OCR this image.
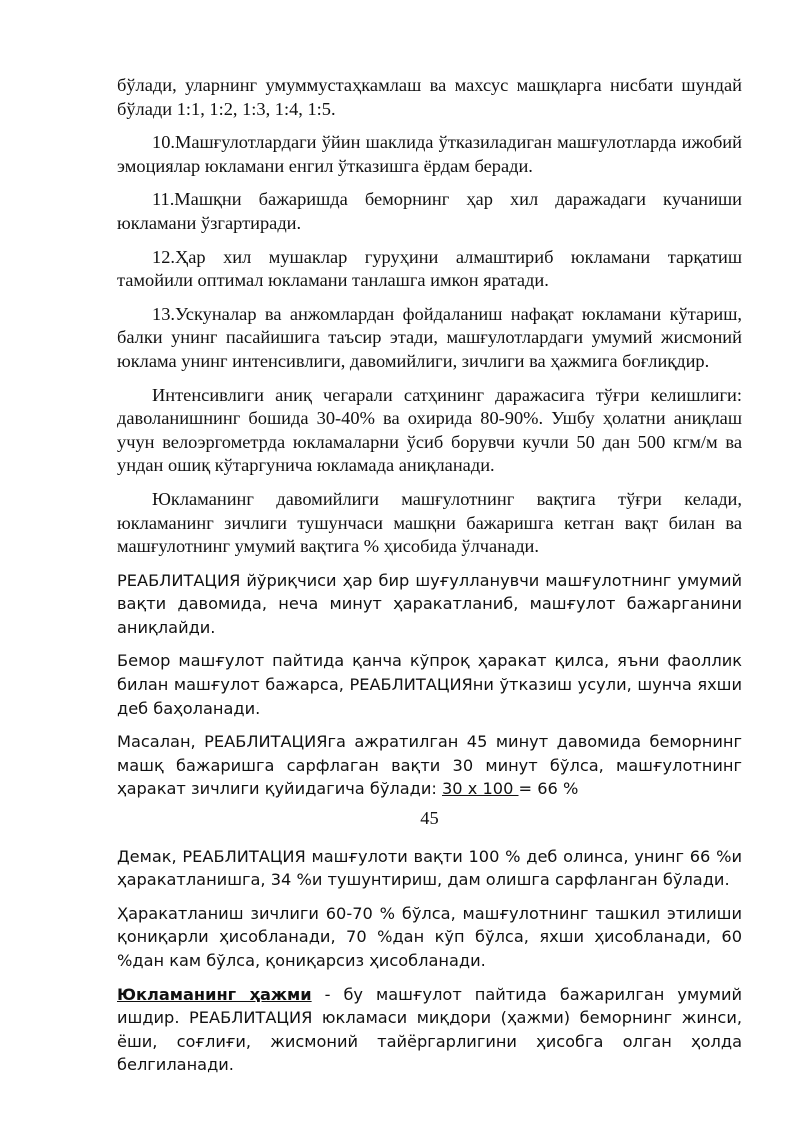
бўлади, уларнинг умуммустаҳкамлаш ва махсус машқларга нисбати шундай бўлади 1:1, 1:2, 1:3, 1:4, 1:5.

10.Машғулотлардаги ўйин шаклида ўтказиладиган машғулотларда ижобий эмоциялар юкламани енгил ўтказишга ёрдам беради.

11.Машқни бажаришда беморнинг ҳар хил даражадаги кучаниши юкламани ўзгартиради.

12.Ҳар хил мушаклар гуруҳини алмаштириб юкламани тарқатиш тамойили оптимал юкламани танлашга имкон яратади.

13.Ускуналар ва анжомлардан фойдаланиш нафақат юкламани кўтариш, балки унинг пасайишига таъсир этади, машғулотлардаги умумий жисмоний юклама унинг интенсивлиги, давомийлиги, зичлиги ва ҳажмига боғлиқдир.

Интенсивлиги аниқ чегарали сатҳининг даражасига тўғри келишлиги: даволанишнинг бошида 30-40% ва охирида 80-90%. Ушбу ҳолатни аниқлаш учун велоэргометрда юкламаларни ўсиб борувчи кучли 50 дан 500 кгм/м ва ундан ошиқ кўтаргунича юкламада аниқланади.

Юкламанинг давомийлиги машғулотнинг вақтига тўғри келади, юкламанинг зичлиги тушунчаси машқни бажаришга кетган вақт билан ва машғулотнинг умумий вақтига % ҳисобида ўлчанади.

РЕАБЛИТАЦИЯ йўриқчиси ҳар бир шуғулланувчи машғулотнинг умумий вақти давомида, неча минут ҳаракатланиб, машғулот бажарганини аниқлайди.

Бемор машғулот пайтида қанча кўпроқ ҳаракат қилса, яъни фаоллик билан машғулот бажарса, РЕАБЛИТАЦИЯни ўтказиш усули, шунча яхши деб баҳоланади.

Масалан, РЕАБЛИТАЦИЯга ажратилган 45 минут давомида беморнинг машқ бажаришга сарфлаган вақти 30 минут бўлса, машғулотнинг ҳаракат зичлиги қуйидагича бўлади: 30 х 100 = 66 %

45

Демак, РЕАБЛИТАЦИЯ машғулоти вақти 100 % деб олинса, унинг 66 %и ҳаракатланишга, 34 %и тушунтириш, дам олишга сарфланган бўлади.

Ҳаракатланиш зичлиги 60-70 % бўлса, машғулотнинг ташкил этилиши қониқарли ҳисобланади, 70 %дан кўп бўлса, яхши ҳисобланади, 60 %дан кам бўлса, қониқарсиз ҳисобланади.

Юкламанинг ҳажми - бу машғулот пайтида бажарилган умумий ишдир. РЕАБЛИТАЦИЯ юкламаси миқдори (ҳажми) беморнинг жинси, ёши, соғлиғи, жисмоний тайёргарлигини ҳисобга олган ҳолда белгиланади.
